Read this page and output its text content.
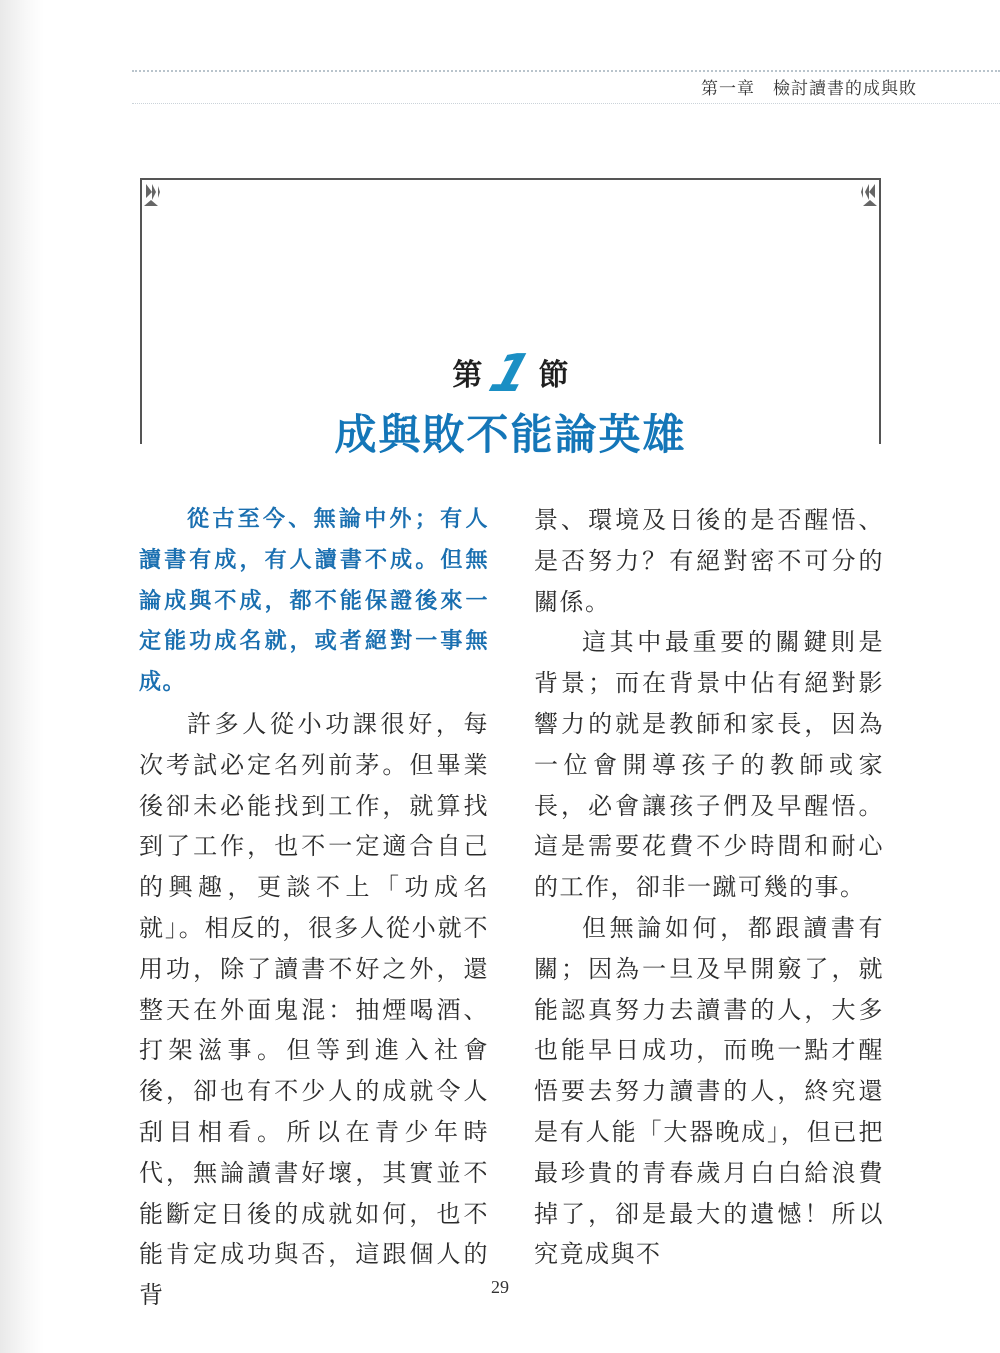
第一章 檢討讀書的成與敗
第1節
成與敗不能論英雄

從古至今、無論中外；有人讀書有成，有人讀書不成。但無論成與不成，都不能保證後來一定能功成名就，或者絕對一事無成。

許多人從小功課很好，每次考試必定名列前茅。但畢業後卻未必能找到工作，就算找到了工作，也不一定適合自己的興趣，更談不上「功成名就」。相反的，很多人從小就不用功，除了讀書不好之外，還整天在外面鬼混：抽煙喝酒、打架滋事。但等到進入社會後，卻也有不少人的成就令人刮目相看。所以在青少年時代，無論讀書好壞，其實並不能斷定日後的成就如何，也不能肯定成功與否，這跟個人的背

景、環境及日後的是否醒悟、是否努力？有絕對密不可分的關係。

這其中最重要的關鍵則是背景；而在背景中佔有絕對影響力的就是教師和家長，因為一位會開導孩子的教師或家長，必會讓孩子們及早醒悟。這是需要花費不少時間和耐心的工作，卻非一蹴可幾的事。

但無論如何，都跟讀書有關；因為一旦及早開竅了，就能認真努力去讀書的人，大多也能早日成功，而晚一點才醒悟要去努力讀書的人，終究還是有人能「大器晚成」，但已把最珍貴的青春歲月白白給浪費掉了，卻是最大的遺憾！所以究竟成與不

29
